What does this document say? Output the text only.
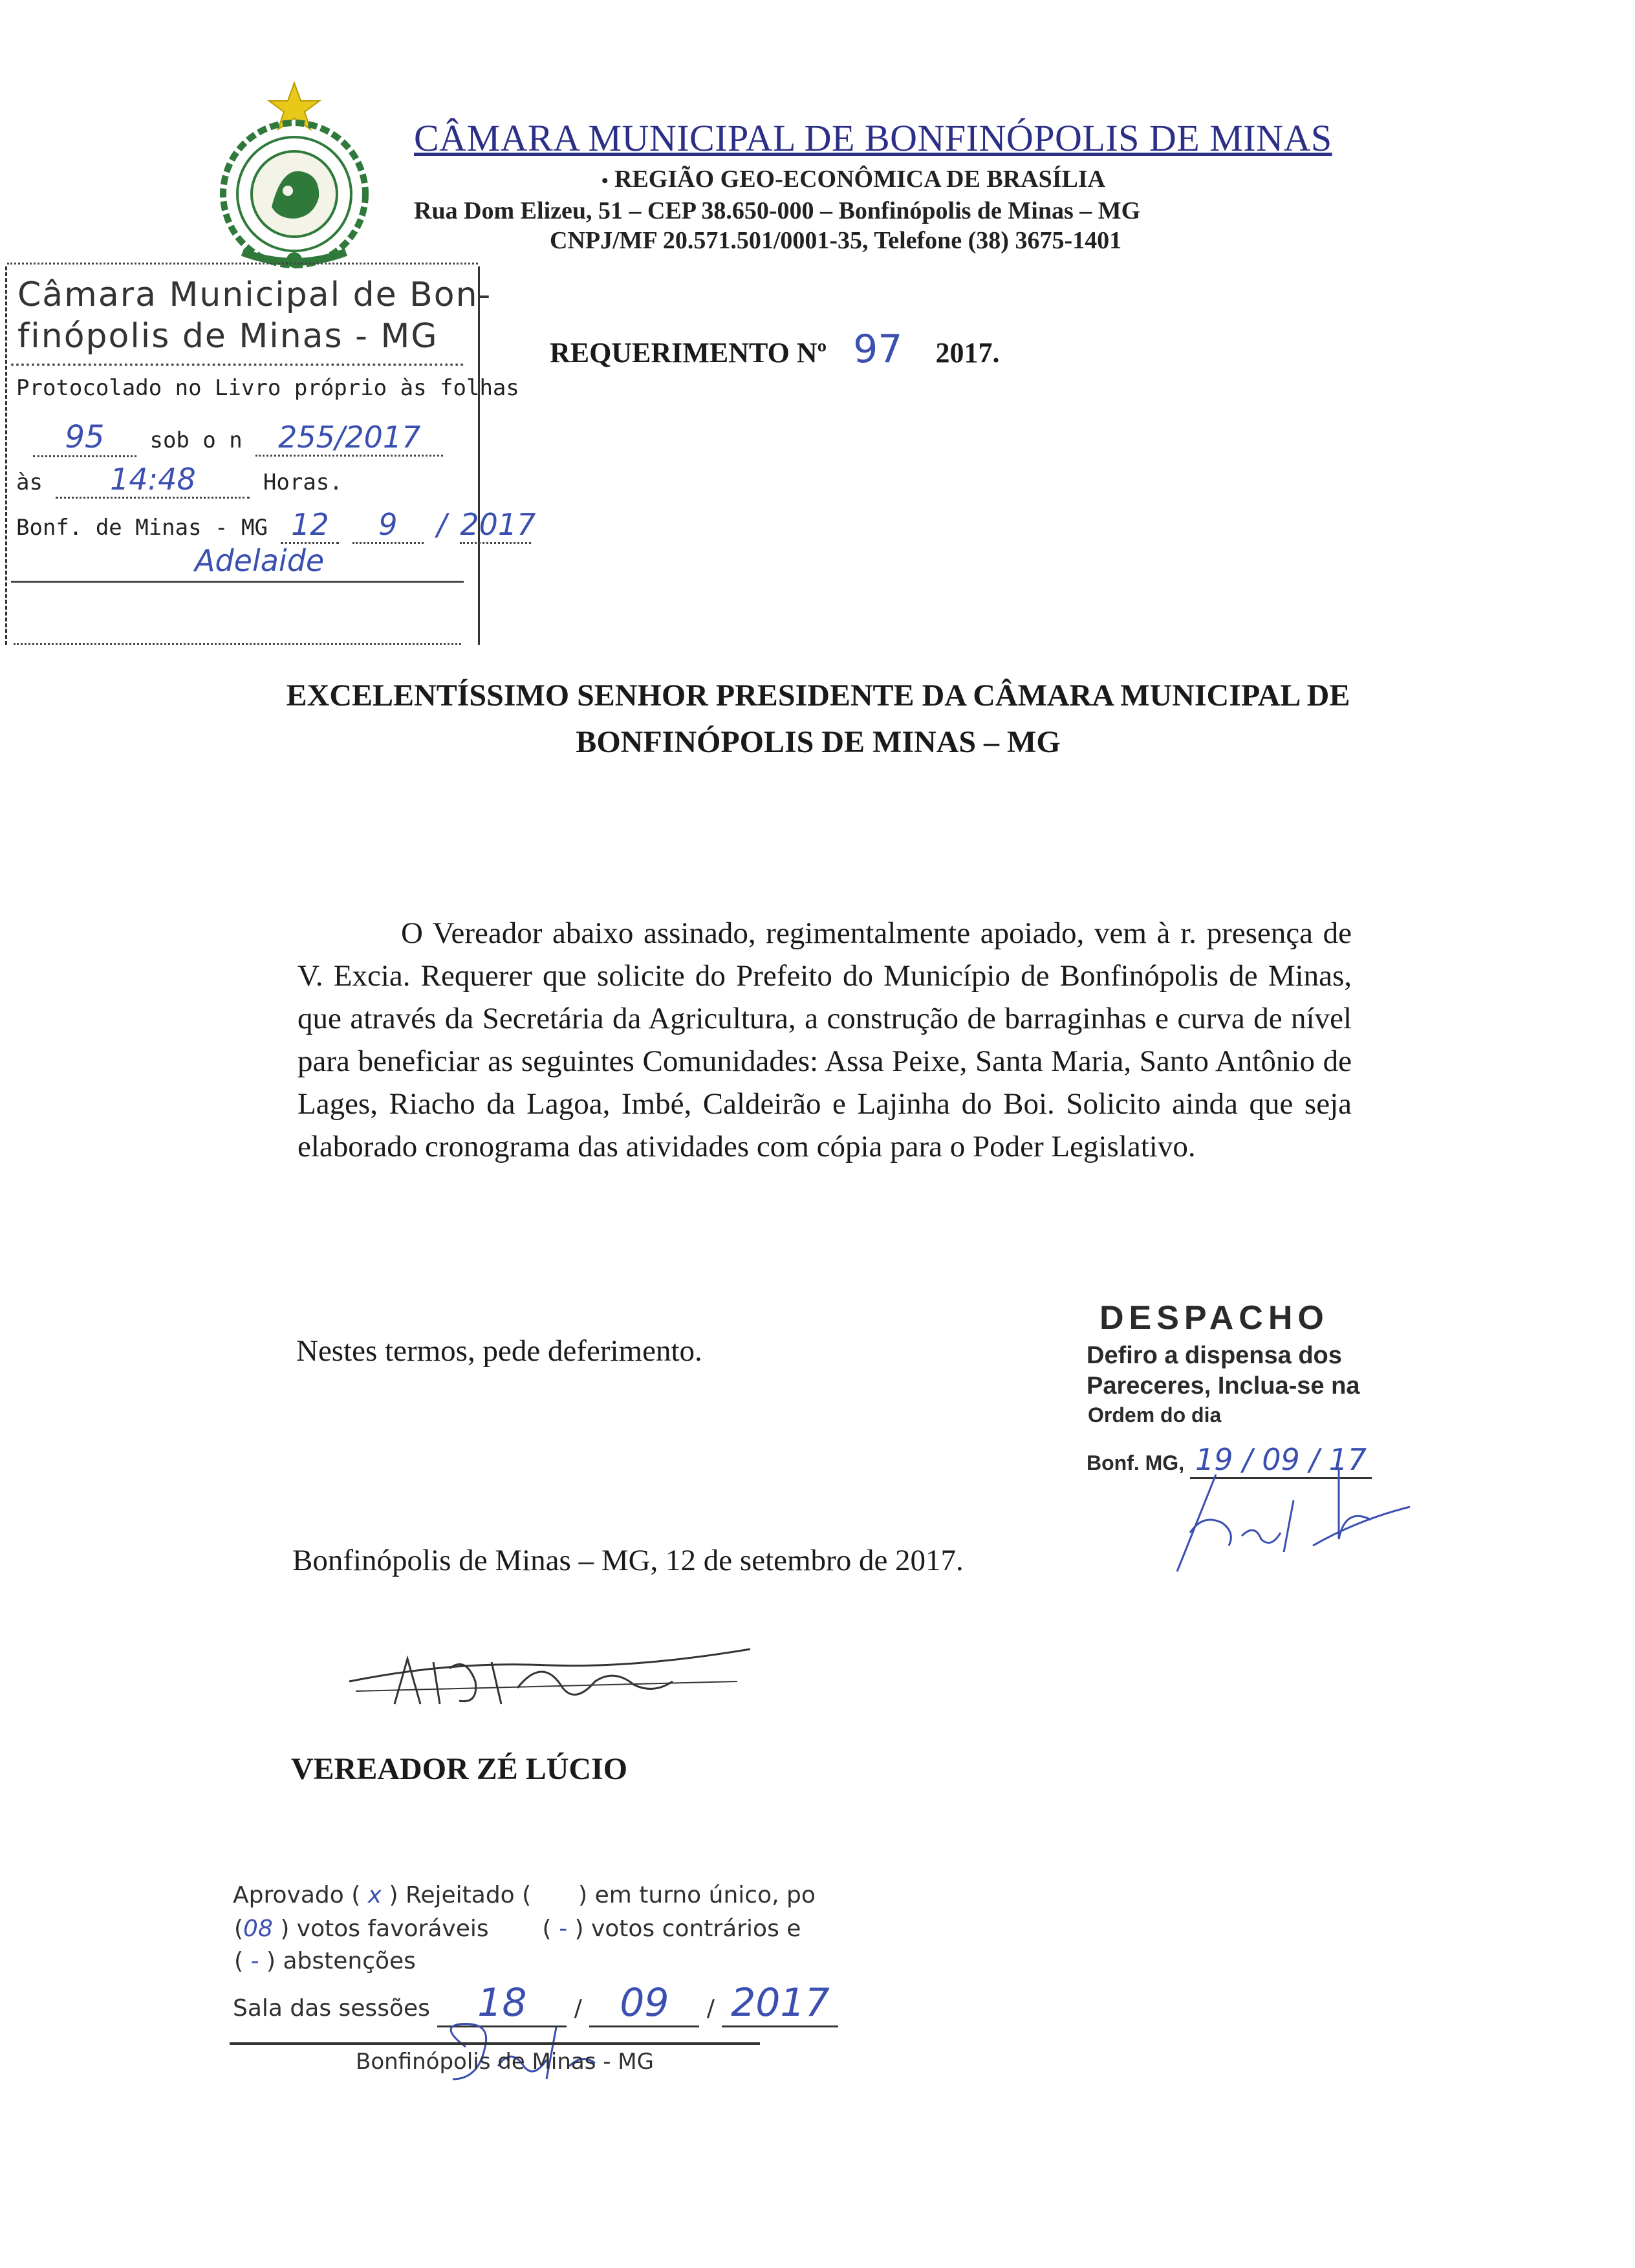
CÂMARA MUNICIPAL DE BONFINÓPOLIS DE MINAS
• REGIÃO GEO-ECONÔMICA DE BRASÍLIA
Rua Dom Elizeu, 51 – CEP 38.650-000 – Bonfinópolis de Minas – MG
CNPJ/MF 20.571.501/0001-35, Telefone (38) 3675-1401
Câmara Municipal de Bon-
finópolis de Minas - MG
Protocolado no Livro próprio às folhas
95 sob o n 255/2017
às 14:48	Horas.
Bonf. de Minas - MG 12 9 / 2017
Adelaide
REQUERIMENTO Nº 97 2017.
EXCELENTÍSSIMO SENHOR PRESIDENTE DA CÂMARA MUNICIPAL DE
BONFINÓPOLIS DE MINAS – MG
O Vereador abaixo assinado, regimentalmente apoiado, vem à r. presença de V. Excia. Requerer que solicite do Prefeito do Município de Bonfinópolis de Minas, que através da Secretária da Agricultura, a construção de barraginhas e curva de nível para beneficiar as seguintes Comunidades: Assa Peixe, Santa Maria, Santo Antônio de Lages, Riacho da Lagoa, Imbé, Caldeirão e Lajinha do Boi. Solicito ainda que seja elaborado cronograma das atividades com cópia para o Poder Legislativo.
Nestes termos, pede deferimento.
Bonfinópolis de Minas – MG, 12 de setembro de 2017.
VEREADOR ZÉ LÚCIO
DESPACHO
Defiro a dispensa dos
Pareceres, Inclua-se na
Ordem do dia
Bonf. MG, 19 / 09 / 17
Aprovado ( x ) Rejeitado ( ) em turno único, po
(08 ) votos favoráveis ( - ) votos contrários e
( - ) abstenções
Sala das sessões 18 / 09 / 2017
Bonfinópolis de Minas - MG
